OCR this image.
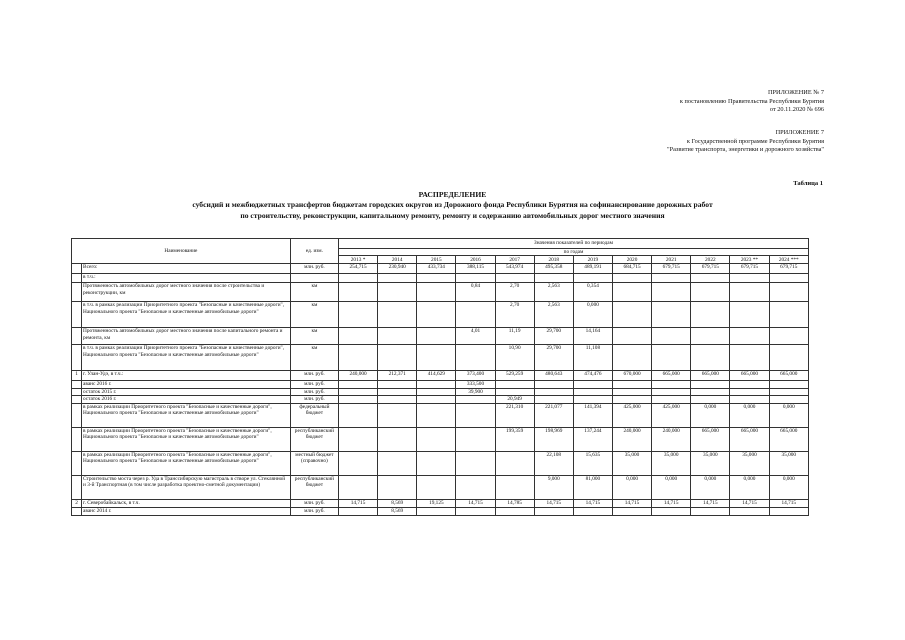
ПРИЛОЖЕНИЕ № 7
к постановлению Правительства Республики Бурятия
от 20.11.2020 № 696
ПРИЛОЖЕНИЕ 7
к Государственной программе Республики Бурятия
"Развитие транспорта, энергетики и дорожного хозяйства"
Таблица 1
РАСПРЕДЕЛЕНИЕ
субсидий и межбюджетных трансфертов бюджетам городских округов из Дорожного фонда Республики Бурятия на софинансирование дорожных работ
по строительству, реконструкции, капитальному ремонту, ремонту и содержанию автомобильных дорог местного значения
Наименование		ед. изм.	Значения показателей по периодам											
			по годам											
			2013 *	2014	2015	2016	2017	2018	2019	2020	2021	2022	2023 **	2024 ***
	Всего:	млн. руб.	254,715	230,940	433,734	388,115	543,974	495,358	489,191	684,715	679,715	679,715	679,715	679,715
	в т.ч.:													
	Протяженность автомобильных дорог местного значения после строительства и реконструкции, км	км				0,84	2,70	2,563	0,354					
	в т.ч. в рамках реализации Приоритетного проекта "Безопасные и качественные дороги", Национального проекта "Безопасные и качественные автомобильные дороги"	км					2,70	2,563	0,000					
	Протяженность автомобильных дорог местного значения после капитального ремонта и ремонта, км	км				4,01	11,19	29,700	14,164					
	в т.ч. в рамках реализации Приоритетного проекта "Безопасные и качественные дороги", Национального проекта "Безопасные и качественные автомобильные дороги"	км					10,90	29,700	11,108					
1	г. Улан-Удэ, в т.ч.:	млн. руб.	240,000	212,371	414,629	373,400	529,259	480,643	474,476	670,000	665,000	665,000	665,000	665,000
	аванс 2016 г.	млн. руб.				333,500								
	остаток 2015 г.	млн. руб.				39,900								
	остаток 2016 г.	млн. руб.					20,949							
	в рамках реализации Приоритетного проекта "Безопасные и качественные дороги", Национального проекта "Безопасные и качественные автомобильные дороги"	федеральный бюджет					221,310	221,077	141,394	425,000	425,000	0,000	0,000	0,000
	в рамках реализации Приоритетного проекта "Безопасные и качественные дороги", Национального проекта "Безопасные и качественные автомобильные дороги"	республиканский бюджет					199,359	198,969	137,244	240,000	240,000	665,000	665,000	665,000
	в рамках реализации Приоритетного проекта "Безопасные и качественные дороги", Национального проекта "Безопасные и качественные автомобильные дороги"	местный бюджет (справочно)						22,108	15,635	35,000	35,000	35,000	35,000	35,000
	Строительство моста через р. Уда в Транссибирскую магистраль в створе ул. Стеклянной и 3-й Транспортная (в том числе разработка проектно-сметной документации)	республиканский бюджет						9,000	81,000	0,000	0,000	0,000	0,000	0,000
2	г. Северобайкальск, в т.ч.	млн. руб.	14,715	8,569	19,125	14,715	14,785	14,715	14,715	14,715	14,715	14,715	14,715	14,715
	аванс 2014 г.	млн. руб.		8,569										
